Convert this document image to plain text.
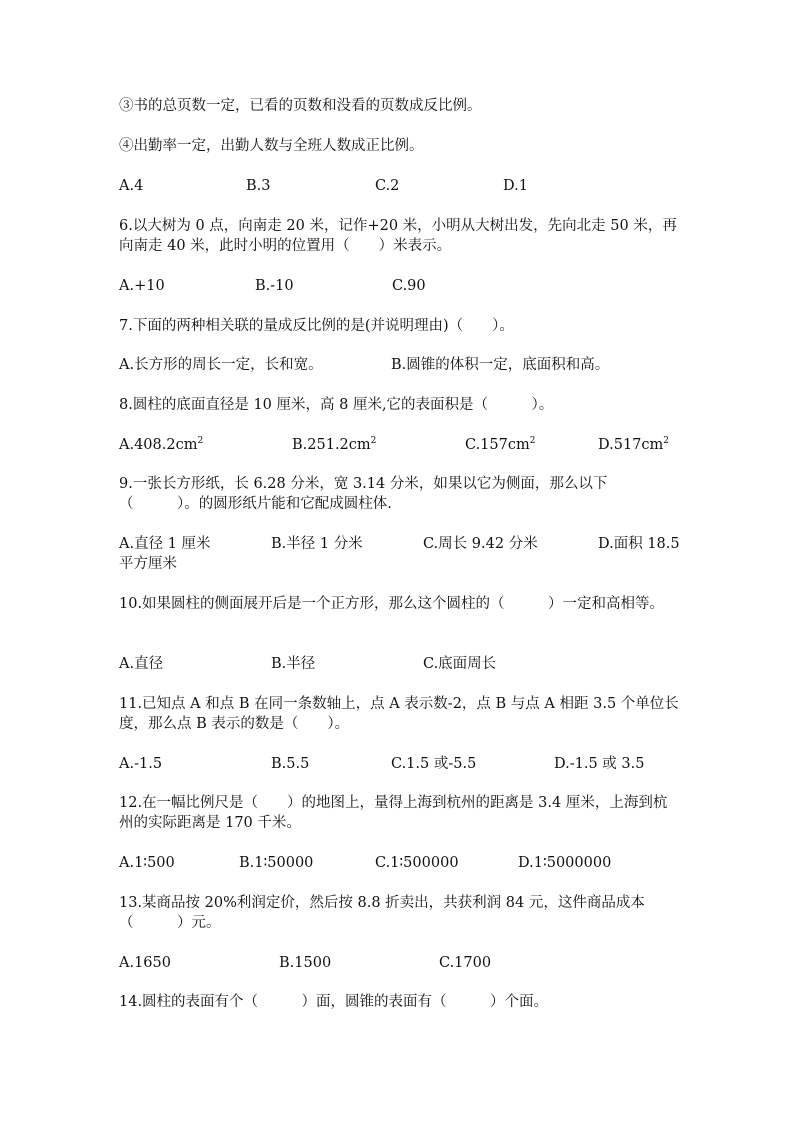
③书的总页数一定，已看的页数和没看的页数成反比例。
④出勤率一定，出勤人数与全班人数成正比例。
A.4	B.3	C.2	D.1
6.以大树为 0 点，向南走 20 米，记作+20 米，小明从大树出发，先向北走 50 米，再向南走 40 米，此时小明的位置用（　　）米表示。
A.+10	B.-10	C.90
7.下面的两种相关联的量成反比例的是(并说明理由)（　　）。
A.长方形的周长一定，长和宽。	B.圆锥的体积一定，底面积和高。
8.圆柱的底面直径是 10 厘米，高 8 厘米,它的表面积是（　　　）。
$A.408.2cm^2$	$B.251.2cm^2$	$C.157cm^2$	$D.517cm^2$
9.一张长方形纸，长 6.28 分米，宽 3.14 分米，如果以它为侧面，那么以下（　　　）。的圆形纸片能和它配成圆柱体.
A.直径 1 厘米	B.半径 1 分米	C.周长 9.42 分米	D.面积 18.5
平方厘米
10.如果圆柱的侧面展开后是一个正方形，那么这个圆柱的（　　　）一定和高相等。
A.直径	B.半径	C.底面周长
11.已知点 A 和点 B 在同一条数轴上，点 A 表示数-2，点 B 与点 A 相距 3.5 个单位长度，那么点 B 表示的数是（　　）。
A.-1.5	B.5.5	C.1.5 或-5.5	D.-1.5 或 3.5
12.在一幅比例尺是（　　）的地图上，量得上海到杭州的距离是 3.4 厘米，上海到杭州的实际距离是 170 千米。
A.1∶500	B.1∶50000	C.1∶500000	D.1∶5000000
13.某商品按 20%利润定价，然后按 8.8 折卖出，共获利润 84 元，这件商品成本（　　　）元。
A.1650	B.1500	C.1700
14.圆柱的表面有个（　　　）面，圆锥的表面有（　　　）个面。
